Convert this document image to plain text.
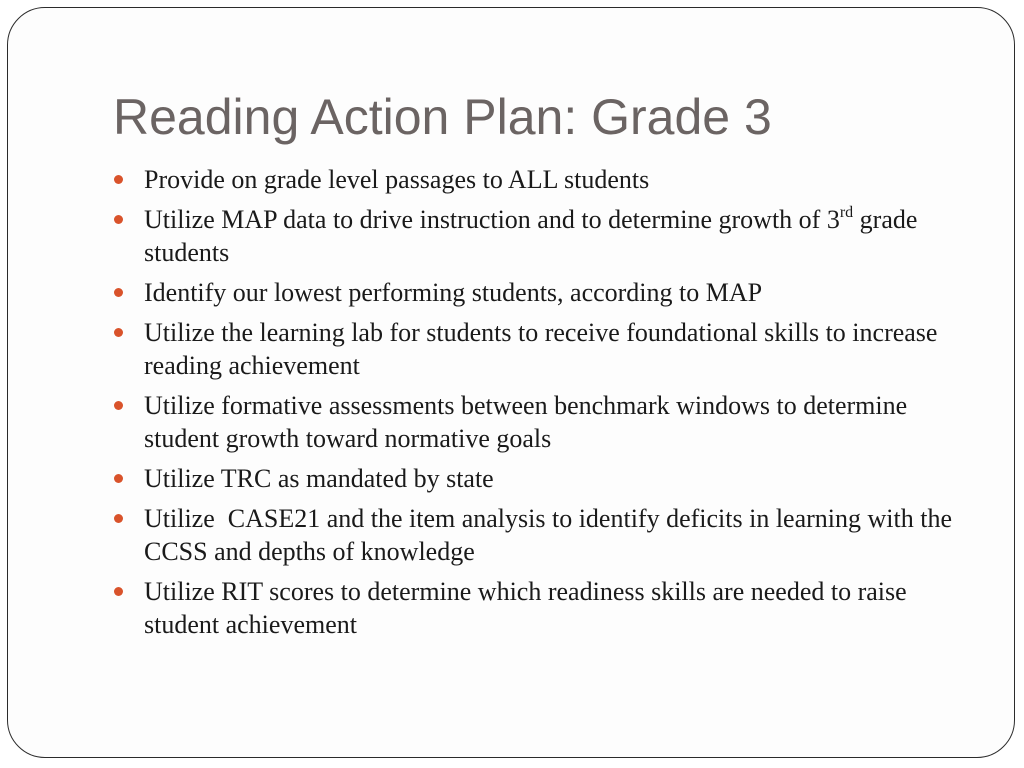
Reading Action Plan: Grade 3
Provide on grade level passages to ALL students
Utilize MAP data to drive instruction and to determine growth of 3rd grade students
Identify our lowest performing students, according to MAP
Utilize the learning lab for students to receive foundational skills to increase reading achievement
Utilize formative assessments between benchmark windows to determine student growth toward normative goals
Utilize TRC as mandated by state
Utilize  CASE21 and the item analysis to identify deficits in learning with the CCSS and depths of knowledge
Utilize RIT scores to determine which readiness skills are needed to raise student achievement
